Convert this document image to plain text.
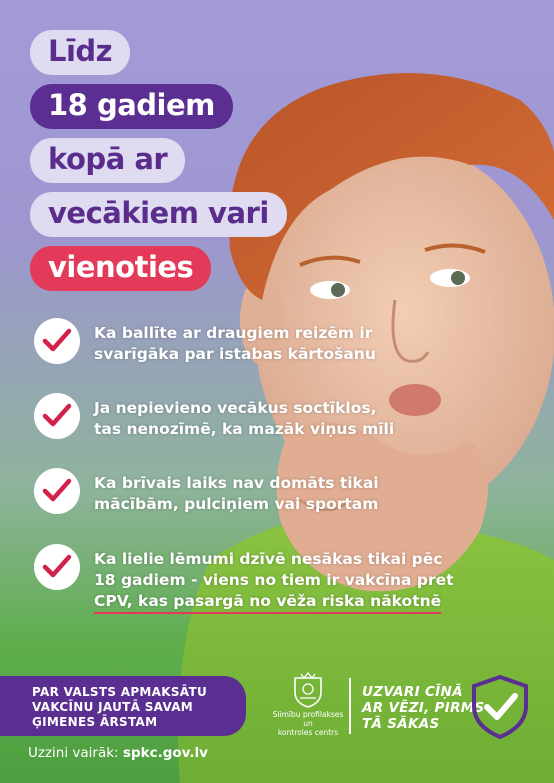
Līdz
18 gadiem
kopā ar
vecākiem vari
vienoties
Ka ballīte ar draugiem reizēm ir
svarīgāka par istabas kārtošanu
Ja nepievieno vecākus soctīklos,
tas nenozīmē, ka mazāk viņus mīli
Ka brīvais laiks nav domāts tikai
mācībām, pulciņiem vai sportam
Ka lielie lēmumi dzīvē nesākas tikai pēc
18 gadiem - viens no tiem ir vakcīna pret
CPV, kas pasargā no vēža riska nākotnē
PAR VALSTS APMAKSĀTU
VAKCĪNU JAUTĀ SAVAM
ĢIMENES ĀRSTAM
Uzzini vairāk: spkc.gov.lv
Slimību profilakses un
kontroles centrs
UZVARI CĪŅĀ
AR VĒZI, PIRMS
TĀ SĀKAS
